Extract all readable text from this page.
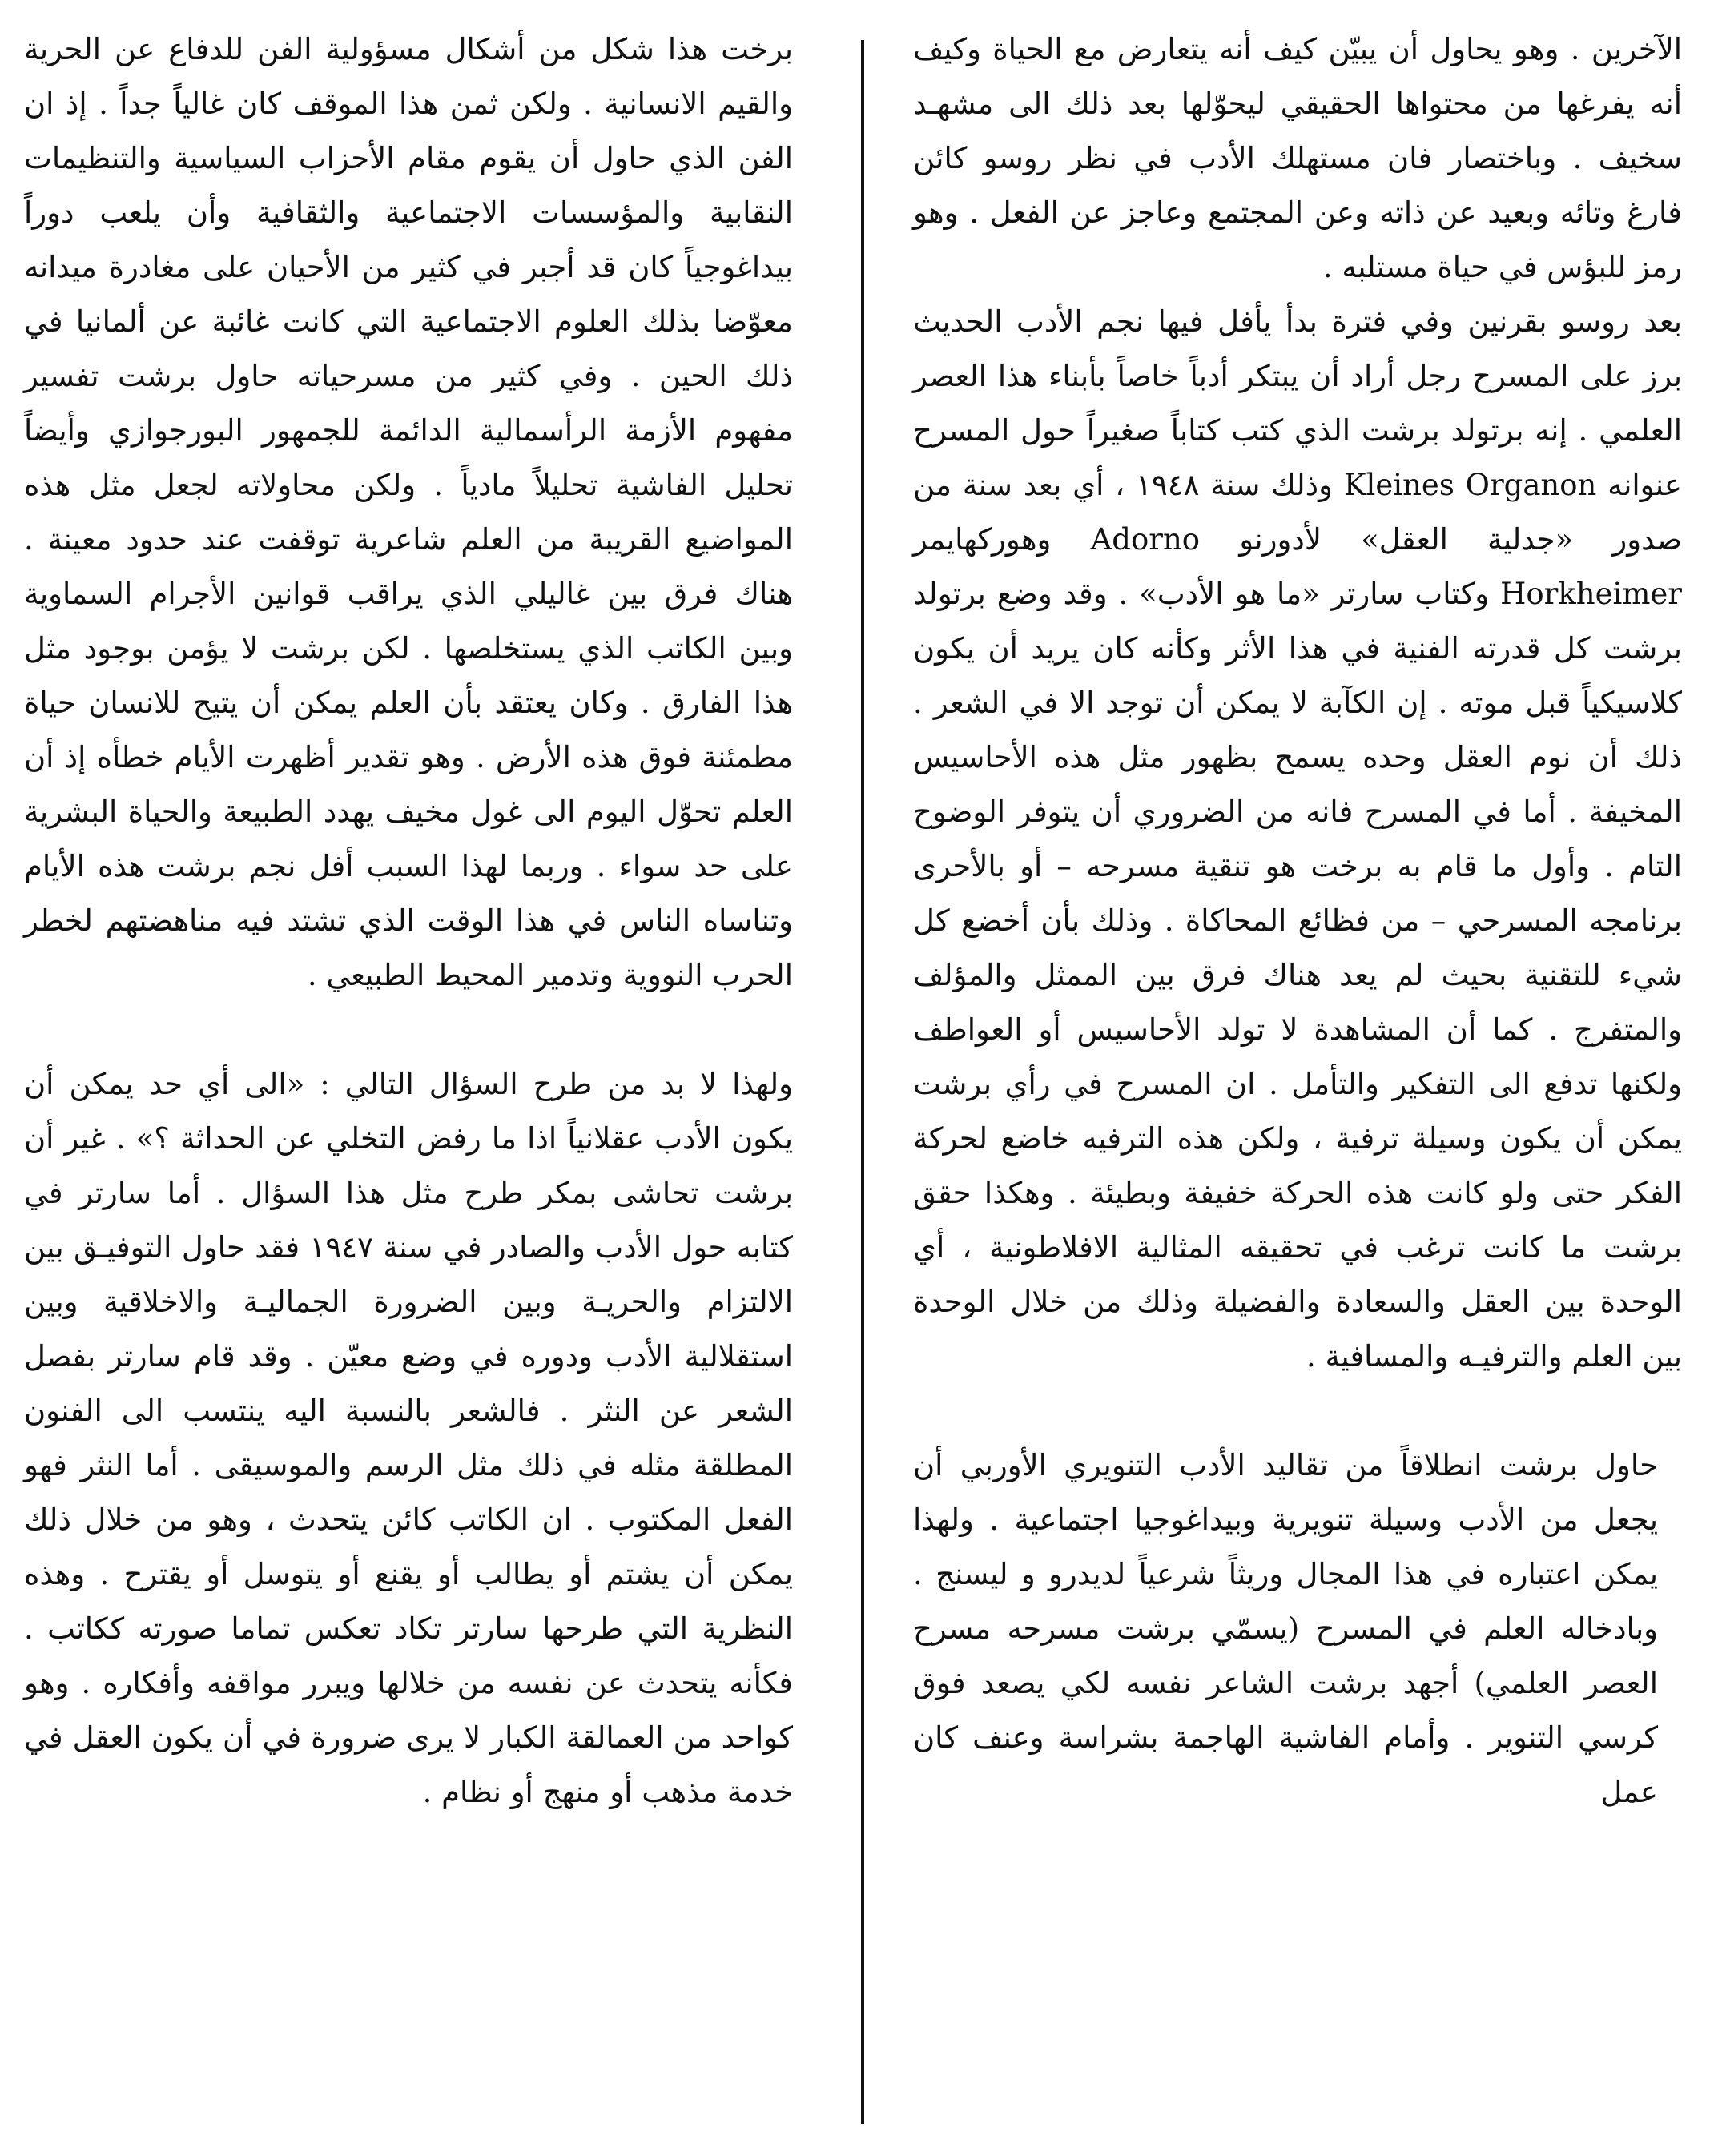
الآخرين . وهو يحاول أن يبيّن كيف أنه يتعارض مع الحياة وكيف أنه يفرغها من محتواها الحقيقي ليحوّلها بعد ذلك الى مشهـد سخيف . وباختصار فان مستهلك الأدب في نظر روسو كائن فارغ وتائه وبعيد عن ذاته وعن المجتمع وعاجز عن الفعل . وهو رمز للبؤس في حياة مستلبه .

بعد روسو بقرنين وفي فترة بدأ يأفل فيها نجم الأدب الحديث برز على المسرح رجل أراد أن يبتكر أدباً خاصاً بأبناء هذا العصر العلمي . إنه برتولد برشت الذي كتب كتاباً صغيراً حول المسرح عنوانه Kleines Organon وذلك سنة ١٩٤٨ ، أي بعد سنة من صدور «جدلية العقل» لأدورنو Adorno وهوركهايمر Horkheimer وكتاب سارتر «ما هو الأدب» . وقد وضع برتولد برشت كل قدرته الفنية في هذا الأثر وكأنه كان يريد أن يكون كلاسيكياً قبل موته . إن الكآبة لا يمكن أن توجد الا في الشعر . ذلك أن نوم العقل وحده يسمح بظهور مثل هذه الأحاسيس المخيفة . أما في المسرح فانه من الضروري أن يتوفر الوضوح التام . وأول ما قام به برخت هو تنقية مسرحه – أو بالأحرى برنامجه المسرحي – من فظائع المحاكاة . وذلك بأن أخضع كل شيء للتقنية بحيث لم يعد هناك فرق بين الممثل والمؤلف والمتفرج . كما أن المشاهدة لا تولد الأحاسيس أو العواطف ولكنها تدفع الى التفكير والتأمل . ان المسرح في رأي برشت يمكن أن يكون وسيلة ترفية ، ولكن هذه الترفيه خاضع لحركة الفكر حتى ولو كانت هذه الحركة خفيفة وبطيئة . وهكذا حقق برشت ما كانت ترغب في تحقيقه المثالية الافلاطونية ، أي الوحدة بين العقل والسعادة والفضيلة وذلك من خلال الوحدة بين العلم والترفيـه والمسافية .

حاول برشت انطلاقاً من تقاليد الأدب التنويري الأوربي أن يجعل من الأدب وسيلة تنويرية وبيداغوجيا اجتماعية . ولهذا يمكن اعتباره في هذا المجال وريثاً شرعياً لديدرو و ليسنج . وبادخاله العلم في المسرح (يسمّي برشت مسرحه مسرح العصر العلمي) أجهد برشت الشاعر نفسه لكي يصعد فوق كرسي التنوير . وأمام الفاشية الهاجمة بشراسة وعنف كان عمل

برخت هذا شكل من أشكال مسؤولية الفن للدفاع عن الحرية والقيم الانسانية . ولكن ثمن هذا الموقف كان غالياً جداً . إذ ان الفن الذي حاول أن يقوم مقام الأحزاب السياسية والتنظيمات النقابية والمؤسسات الاجتماعية والثقافية وأن يلعب دوراً بيداغوجياً كان قد أجبر في كثير من الأحيان على مغادرة ميدانه معوّضا بذلك العلوم الاجتماعية التي كانت غائبة عن ألمانيا في ذلك الحين . وفي كثير من مسرحياته حاول برشت تفسير مفهوم الأزمة الرأسمالية الدائمة للجمهور البورجوازي وأيضاً تحليل الفاشية تحليلاً مادياً . ولكن محاولاته لجعل مثل هذه المواضيع القريبة من العلم شاعرية توقفت عند حدود معينة . هناك فرق بين غاليلي الذي يراقب قوانين الأجرام السماوية وبين الكاتب الذي يستخلصها . لكن برشت لا يؤمن بوجود مثل هذا الفارق . وكان يعتقد بأن العلم يمكن أن يتيح للانسان حياة مطمئنة فوق هذه الأرض . وهو تقدير أظهرت الأيام خطأه إذ أن العلم تحوّل اليوم الى غول مخيف يهدد الطبيعة والحياة البشرية على حد سواء . وربما لهذا السبب أفل نجم برشت هذه الأيام وتناساه الناس في هذا الوقت الذي تشتد فيه مناهضتهم لخطر الحرب النووية وتدمير المحيط الطبيعي .

ولهذا لا بد من طرح السؤال التالي : «الى أي حد يمكن أن يكون الأدب عقلانياً اذا ما رفض التخلي عن الحداثة ؟» . غير أن برشت تحاشى بمكر طرح مثل هذا السؤال . أما سارتر في كتابه حول الأدب والصادر في سنة ١٩٤٧ فقد حاول التوفيـق بين الالتزام والحريـة وبين الضرورة الجماليـة والاخلاقية وبين استقلالية الأدب ودوره في وضع معيّن . وقد قام سارتر بفصل الشعر عن النثر . فالشعر بالنسبة اليه ينتسب الى الفنون المطلقة مثله في ذلك مثل الرسم والموسيقى . أما النثر فهو الفعل المكتوب . ان الكاتب كائن يتحدث ، وهو من خلال ذلك يمكن أن يشتم أو يطالب أو يقنع أو يتوسل أو يقترح . وهذه النظرية التي طرحها سارتر تكاد تعكس تماما صورته ككاتب . فكأنه يتحدث عن نفسه من خلالها ويبرر مواقفه وأفكاره . وهو كواحد من العمالقة الكبار لا يرى ضرورة في أن يكون العقل في خدمة مذهب أو منهج أو نظام .
